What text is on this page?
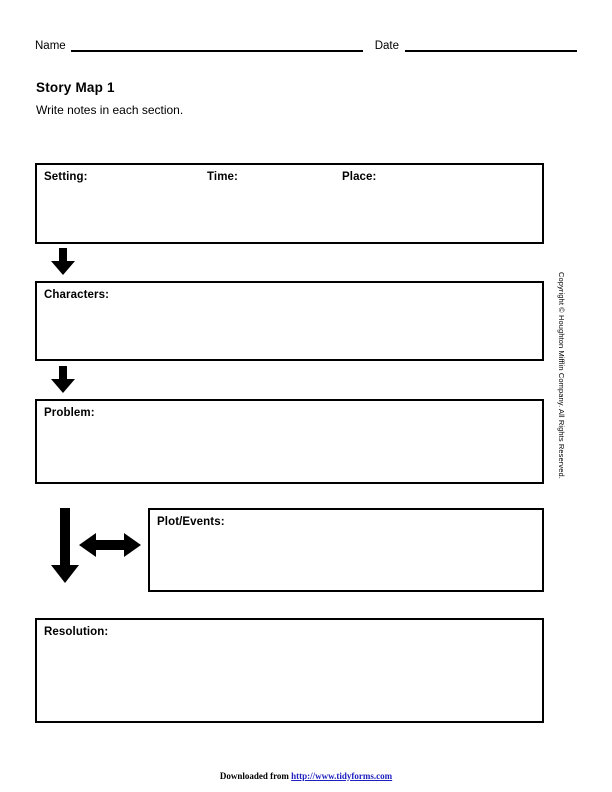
Name	Date
Story Map 1
Write notes in each section.
Setting:	Time:	Place:
Characters:
Problem:
Plot/Events:
Resolution:
Copyright © Houghton Mifflin Company. All Rights Reserved.
Downloaded from http://www.tidyforms.com
